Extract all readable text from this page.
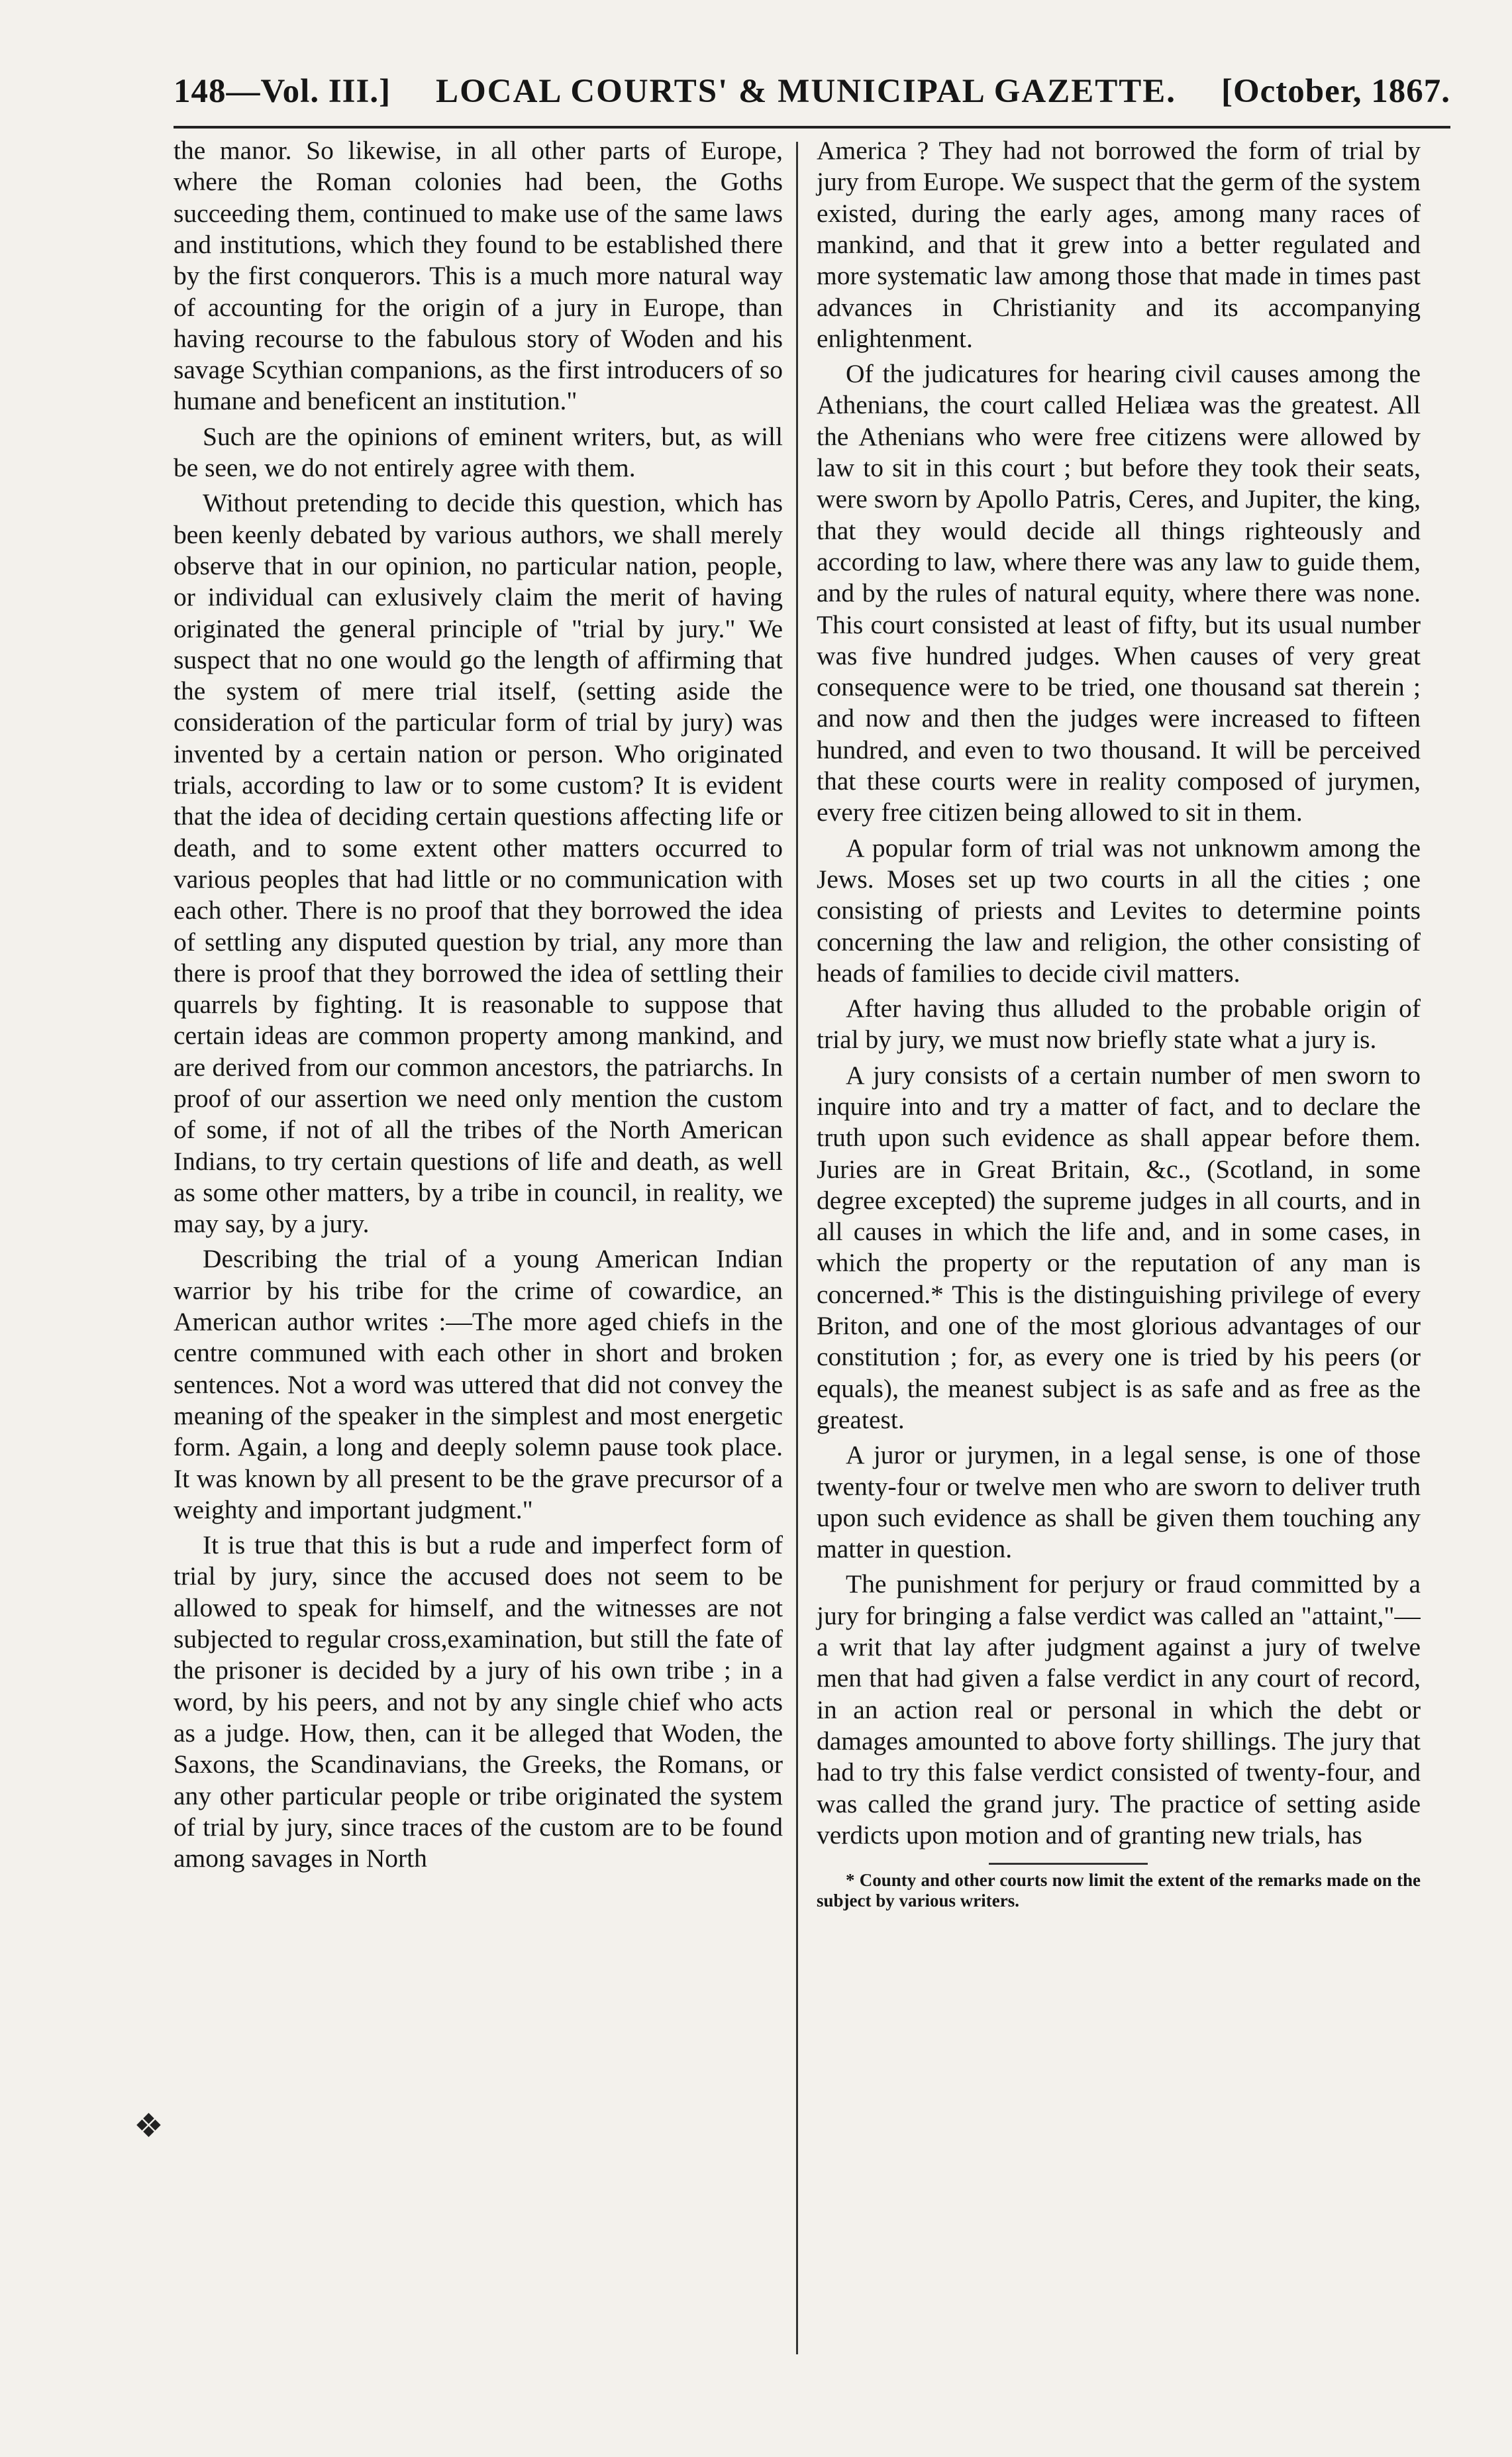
148—Vol. III.] LOCAL COURTS' & MUNICIPAL GAZETTE. [October, 1867.

the manor. So likewise, in all other parts of Europe, where the Roman colonies had been, the Goths succeeding them, continued to make use of the same laws and institutions, which they found to be established there by the first conquerors. This is a much more natural way of accounting for the origin of a jury in Europe, than having recourse to the fabulous story of Woden and his savage Scythian companions, as the first introducers of so humane and beneficent an institution."

Such are the opinions of eminent writers, but, as will be seen, we do not entirely agree with them.

Without pretending to decide this question, which has been keenly debated by various authors, we shall merely observe that in our opinion, no particular nation, people, or individual can exlusively claim the merit of having originated the general principle of "trial by jury." We suspect that no one would go the length of affirming that the system of mere trial itself, (setting aside the consideration of the particular form of trial by jury) was invented by a certain nation or person. Who originated trials, according to law or to some custom? It is evident that the idea of deciding certain questions affecting life or death, and to some extent other matters occurred to various peoples that had little or no communication with each other. There is no proof that they borrowed the idea of settling any disputed question by trial, any more than there is proof that they borrowed the idea of settling their quarrels by fighting. It is reasonable to suppose that certain ideas are common property among mankind, and are derived from our common ancestors, the patriarchs. In proof of our assertion we need only mention the custom of some, if not of all the tribes of the North American Indians, to try certain questions of life and death, as well as some other matters, by a tribe in council, in reality, we may say, by a jury.

Describing the trial of a young American Indian warrior by his tribe for the crime of cowardice, an American author writes :—The more aged chiefs in the centre communed with each other in short and broken sentences. Not a word was uttered that did not convey the meaning of the speaker in the simplest and most energetic form. Again, a long and deeply solemn pause took place. It was known by all present to be the grave precursor of a weighty and important judgment."

It is true that this is but a rude and imperfect form of trial by jury, since the accused does not seem to be allowed to speak for himself, and the witnesses are not subjected to regular cross,examination, but still the fate of the prisoner is decided by a jury of his own tribe ; in a word, by his peers, and not by any single chief who acts as a judge. How, then, can it be alleged that Woden, the Saxons, the Scandinavians, the Greeks, the Romans, or any other particular people or tribe originated the system of trial by jury, since traces of the custom are to be found among savages in North

America ? They had not borrowed the form of trial by jury from Europe. We suspect that the germ of the system existed, during the early ages, among many races of mankind, and that it grew into a better regulated and more systematic law among those that made in times past advances in Christianity and its accompanying enlightenment.

Of the judicatures for hearing civil causes among the Athenians, the court called Heliæa was the greatest. All the Athenians who were free citizens were allowed by law to sit in this court ; but before they took their seats, were sworn by Apollo Patris, Ceres, and Jupiter, the king, that they would decide all things righteously and according to law, where there was any law to guide them, and by the rules of natural equity, where there was none. This court consisted at least of fifty, but its usual number was five hundred judges. When causes of very great consequence were to be tried, one thousand sat therein ; and now and then the judges were increased to fifteen hundred, and even to two thousand. It will be perceived that these courts were in reality composed of jurymen, every free citizen being allowed to sit in them.

A popular form of trial was not unknowm among the Jews. Moses set up two courts in all the cities ; one consisting of priests and Levites to determine points concerning the law and religion, the other consisting of heads of families to decide civil matters.

After having thus alluded to the probable origin of trial by jury, we must now briefly state what a jury is.

A jury consists of a certain number of men sworn to inquire into and try a matter of fact, and to declare the truth upon such evidence as shall appear before them. Juries are in Great Britain, &c., (Scotland, in some degree excepted) the supreme judges in all courts, and in all causes in which the life and, and in some cases, in which the property or the reputation of any man is concerned.* This is the distinguishing privilege of every Briton, and one of the most glorious advantages of our constitution ; for, as every one is tried by his peers (or equals), the meanest subject is as safe and as free as the greatest.

A juror or jurymen, in a legal sense, is one of those twenty-four or twelve men who are sworn to deliver truth upon such evidence as shall be given them touching any matter in question.

The punishment for perjury or fraud committed by a jury for bringing a false verdict was called an "attaint,"—a writ that lay after judgment against a jury of twelve men that had given a false verdict in any court of record, in an action real or personal in which the debt or damages amounted to above forty shillings. The jury that had to try this false verdict consisted of twenty-four, and was called the grand jury. The practice of setting aside verdicts upon motion and of granting new trials, has

* County and other courts now limit the extent of the remarks made on the subject by various writers.
❖
